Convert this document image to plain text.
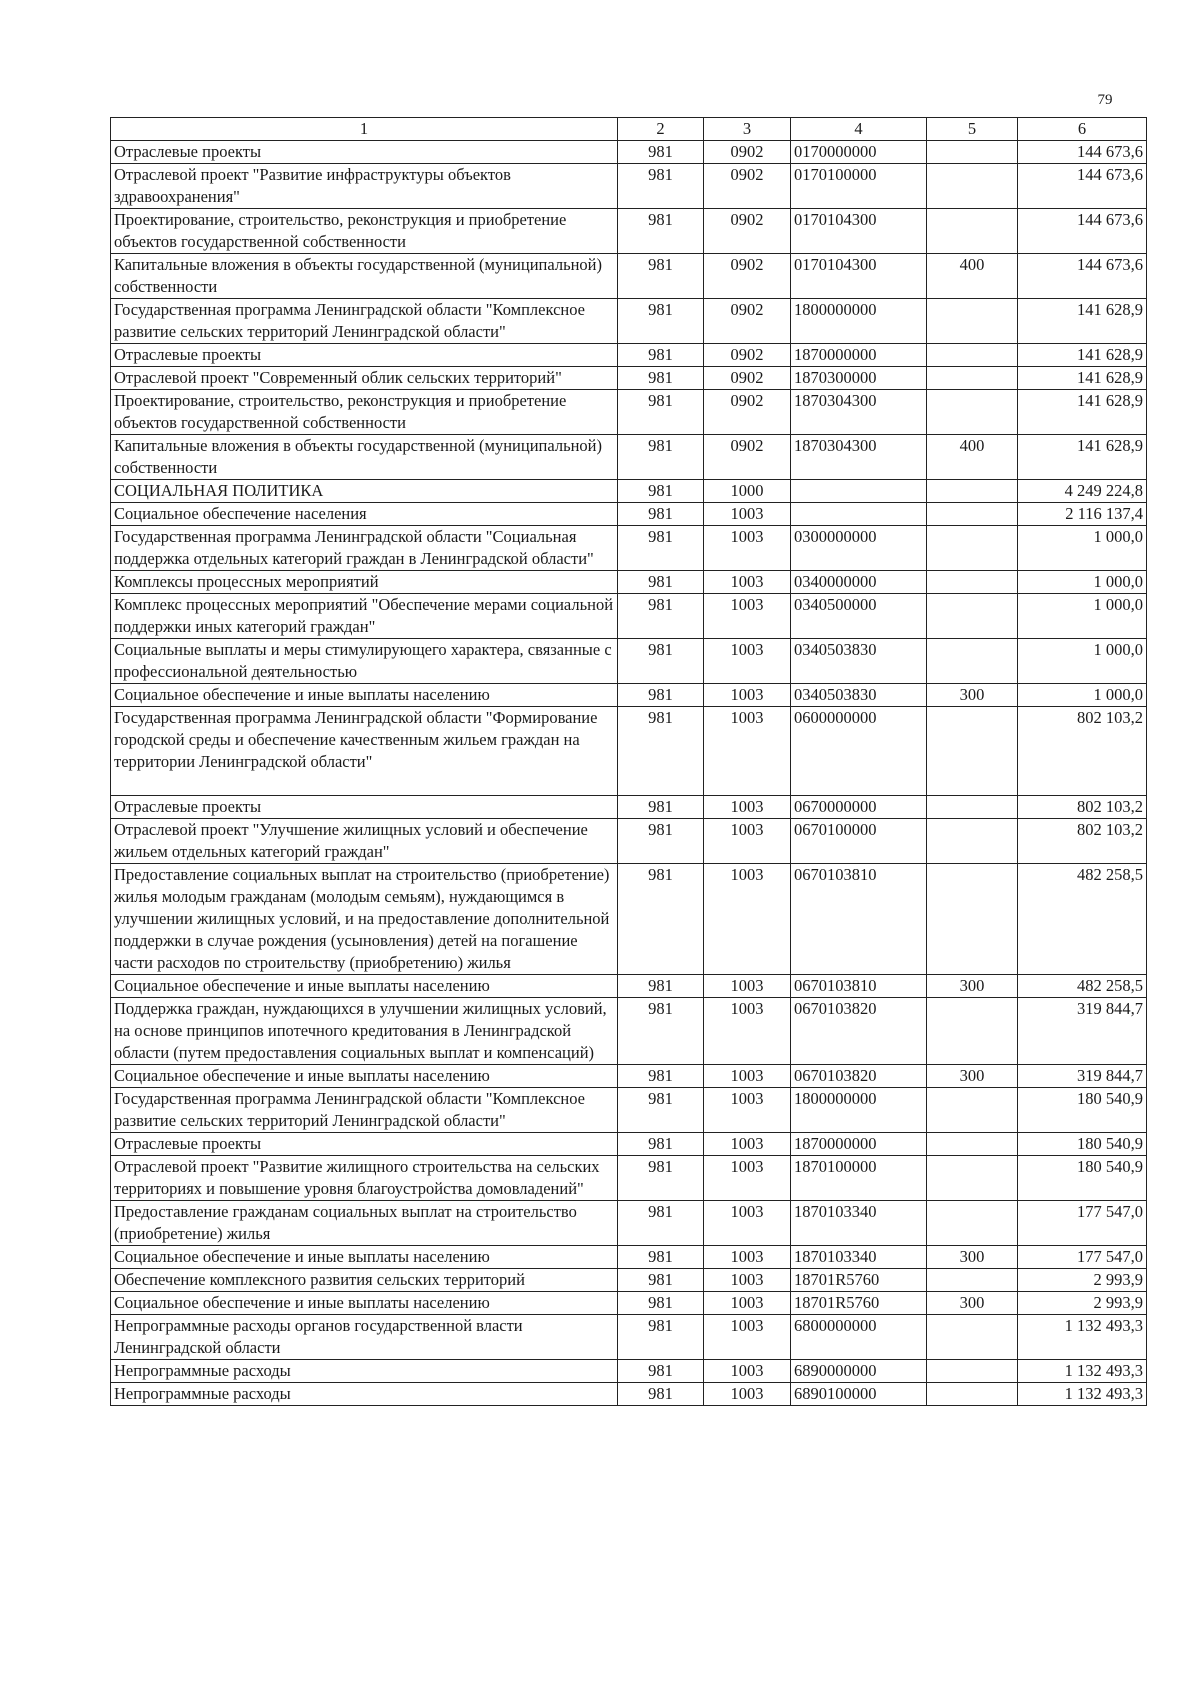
79
1	2	3	4	5	6
Отраслевые проекты	981	0902	0170000000		144 673,6
Отраслевой проект "Развитие инфраструктуры объектов здравоохранения"	981	0902	0170100000		144 673,6
Проектирование, строительство, реконструкция и приобретение объектов государственной собственности	981	0902	0170104300		144 673,6
Капитальные вложения в объекты государственной (муниципальной) собственности	981	0902	0170104300	400	144 673,6
Государственная программа Ленинградской области "Комплексное развитие сельских территорий Ленинградской области"	981	0902	1800000000		141 628,9
Отраслевые проекты	981	0902	1870000000		141 628,9
Отраслевой проект "Современный облик сельских территорий"	981	0902	1870300000		141 628,9
Проектирование, строительство, реконструкция и приобретение объектов государственной собственности	981	0902	1870304300		141 628,9
Капитальные вложения в объекты государственной (муниципальной) собственности	981	0902	1870304300	400	141 628,9
СОЦИАЛЬНАЯ ПОЛИТИКА	981	1000			4 249 224,8
Социальное обеспечение населения	981	1003			2 116 137,4
Государственная программа Ленинградской области "Социальная поддержка отдельных категорий граждан в Ленинградской области"	981	1003	0300000000		1 000,0
Комплексы процессных мероприятий	981	1003	0340000000		1 000,0
Комплекс процессных мероприятий "Обеспечение мерами социальной поддержки иных категорий граждан"	981	1003	0340500000		1 000,0
Социальные выплаты и меры стимулирующего характера, связанные с профессиональной деятельностью	981	1003	0340503830		1 000,0
Социальное обеспечение и иные выплаты населению	981	1003	0340503830	300	1 000,0
Государственная программа Ленинградской области "Формирование городской среды и обеспечение качественным жильем граждан на территории Ленинградской области"	981	1003	0600000000		802 103,2
Отраслевые проекты	981	1003	0670000000		802 103,2
Отраслевой проект "Улучшение жилищных условий и обеспечение жильем отдельных категорий граждан"	981	1003	0670100000		802 103,2
Предоставление социальных выплат на строительство (приобретение) жилья молодым гражданам (молодым семьям), нуждающимся в улучшении жилищных условий, и на предоставление дополнительной поддержки в случае рождения (усыновления) детей на погашение части расходов по строительству (приобретению) жилья	981	1003	0670103810		482 258,5
Социальное обеспечение и иные выплаты населению	981	1003	0670103810	300	482 258,5
Поддержка граждан, нуждающихся в улучшении жилищных условий, на основе принципов ипотечного кредитования в Ленинградской области (путем предоставления социальных выплат и компенсаций)	981	1003	0670103820		319 844,7
Социальное обеспечение и иные выплаты населению	981	1003	0670103820	300	319 844,7
Государственная программа Ленинградской области "Комплексное развитие сельских территорий Ленинградской области"	981	1003	1800000000		180 540,9
Отраслевые проекты	981	1003	1870000000		180 540,9
Отраслевой проект "Развитие жилищного строительства на сельских территориях и повышение уровня благоустройства домовладений"	981	1003	1870100000		180 540,9
Предоставление гражданам социальных выплат на строительство (приобретение) жилья	981	1003	1870103340		177 547,0
Социальное обеспечение и иные выплаты населению	981	1003	1870103340	300	177 547,0
Обеспечение комплексного развития сельских территорий	981	1003	18701R5760		2 993,9
Социальное обеспечение и иные выплаты населению	981	1003	18701R5760	300	2 993,9
Непрограммные расходы органов государственной власти Ленинградской области	981	1003	6800000000		1 132 493,3
Непрограммные расходы	981	1003	6890000000		1 132 493,3
Непрограммные расходы	981	1003	6890100000		1 132 493,3
